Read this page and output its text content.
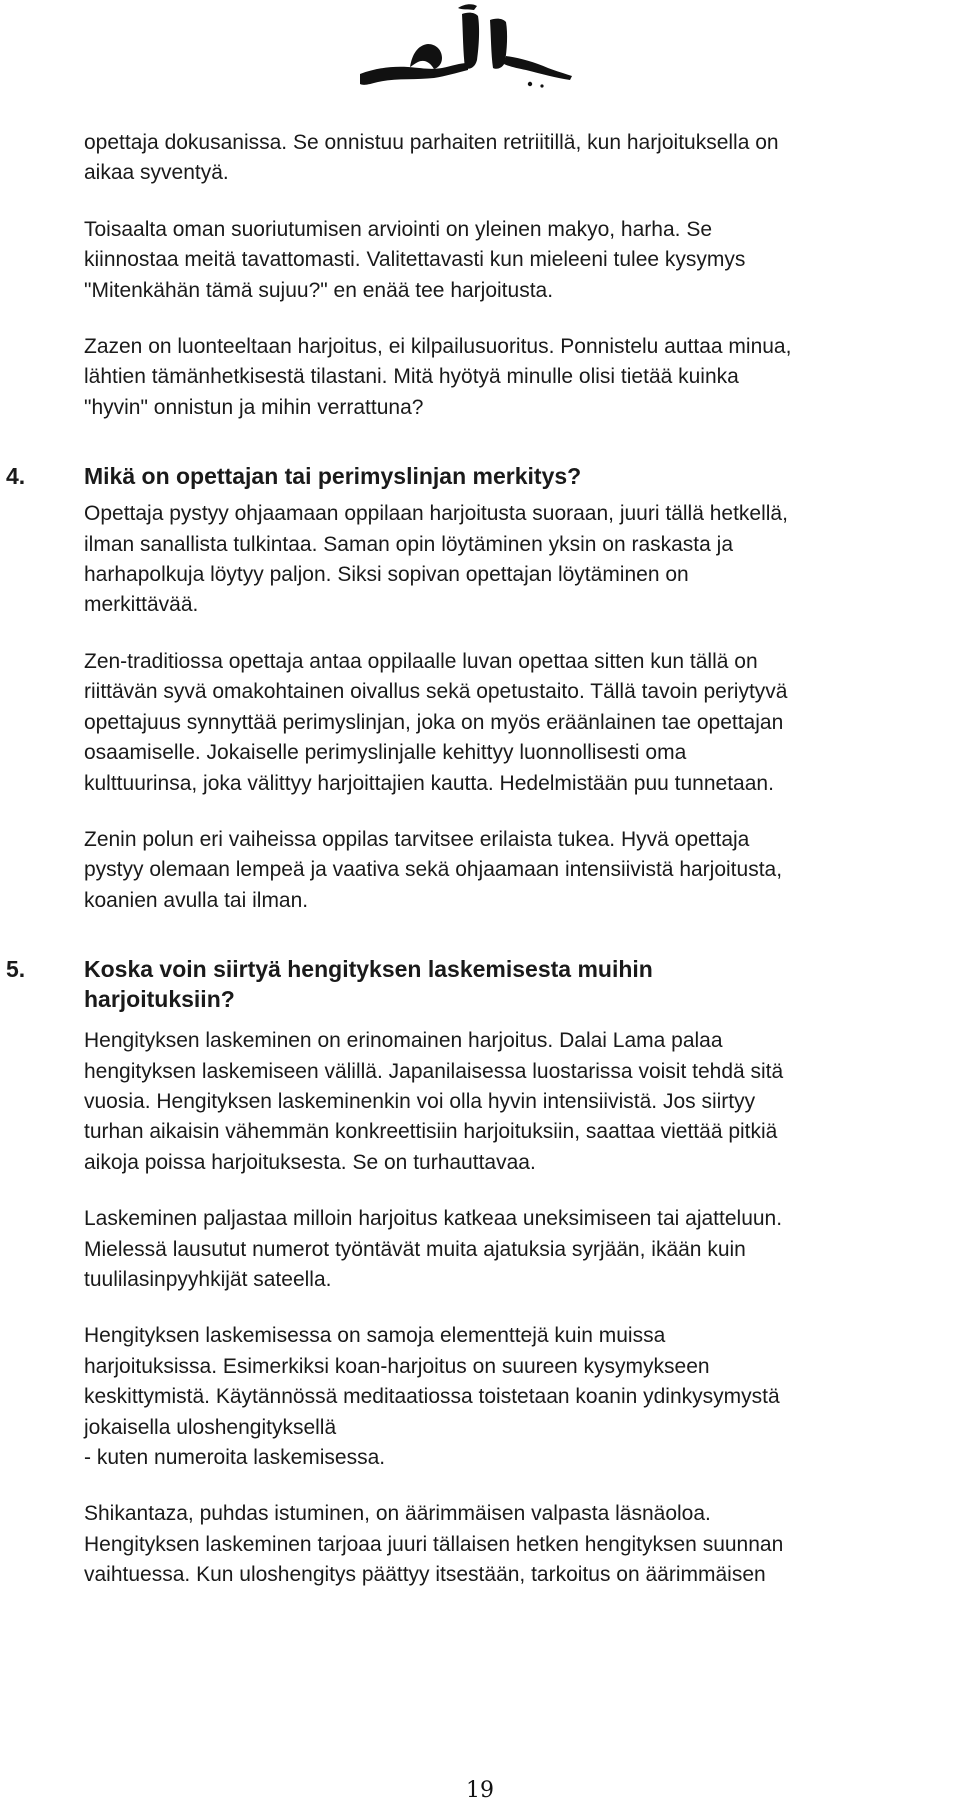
opettaja dokusanissa. Se onnistuu parhaiten retriitillä, kun harjoituksella on
aikaa syventyä.

Toisaalta oman suoriutumisen arviointi on yleinen makyo, harha. Se
kiinnostaa meitä tavattomasti. Valitettavasti kun mieleeni tulee kysymys
"Mitenkähän tämä sujuu?" en enää tee harjoitusta.

Zazen on luonteeltaan harjoitus, ei kilpailusuoritus. Ponnistelu auttaa minua,
lähtien tämänhetkisestä tilastani. Mitä hyötyä minulle olisi tietää kuinka
"hyvin" onnistun ja mihin verrattuna?

4.	Mikä on opettajan tai perimyslinjan merkitys?

Opettaja pystyy ohjaamaan oppilaan harjoitusta suoraan, juuri tällä hetkellä,
ilman sanallista tulkintaa. Saman opin löytäminen yksin on raskasta ja
harhapolkuja löytyy paljon. Siksi sopivan opettajan löytäminen on
merkittävää.

Zen-traditiossa opettaja antaa oppilaalle luvan opettaa sitten kun tällä on
riittävän syvä omakohtainen oivallus sekä opetustaito. Tällä tavoin periytyvä
opettajuus synnyttää perimyslinjan, joka on myös eräänlainen tae opettajan
osaamiselle. Jokaiselle perimyslinjalle kehittyy luonnollisesti oma
kulttuurinsa, joka välittyy harjoittajien kautta. Hedelmistään puu tunnetaan.

Zenin polun eri vaiheissa oppilas tarvitsee erilaista tukea. Hyvä opettaja
pystyy olemaan lempeä ja vaativa sekä ohjaamaan intensiivistä harjoitusta,
koanien avulla tai ilman.

5.	Koska voin siirtyä hengityksen laskemisesta muihin
harjoituksiin?

Hengityksen laskeminen on erinomainen harjoitus. Dalai Lama palaa
hengityksen laskemiseen välillä. Japanilaisessa luostarissa voisit tehdä sitä
vuosia. Hengityksen laskeminenkin voi olla hyvin intensiivistä. Jos siirtyy
turhan aikaisin vähemmän konkreettisiin harjoituksiin, saattaa viettää pitkiä
aikoja poissa harjoituksesta. Se on turhauttavaa.

Laskeminen paljastaa milloin harjoitus katkeaa uneksimiseen tai ajatteluun.
Mielessä lausutut numerot työntävät muita ajatuksia syrjään, ikään kuin
tuulilasinpyyhkijät sateella.

Hengityksen laskemisessa on samoja elementtejä kuin muissa
harjoituksissa. Esimerkiksi koan-harjoitus on suureen kysymykseen
keskittymistä. Käytännössä meditaatiossa toistetaan koanin ydinkysymystä
jokaisella uloshengityksellä
- kuten numeroita laskemisessa.

Shikantaza, puhdas istuminen, on äärimmäisen valpasta läsnäoloa.
Hengityksen laskeminen tarjoaa juuri tällaisen hetken hengityksen suunnan
vaihtuessa. Kun uloshengitys päättyy itsestään, tarkoitus on äärimmäisen

19
